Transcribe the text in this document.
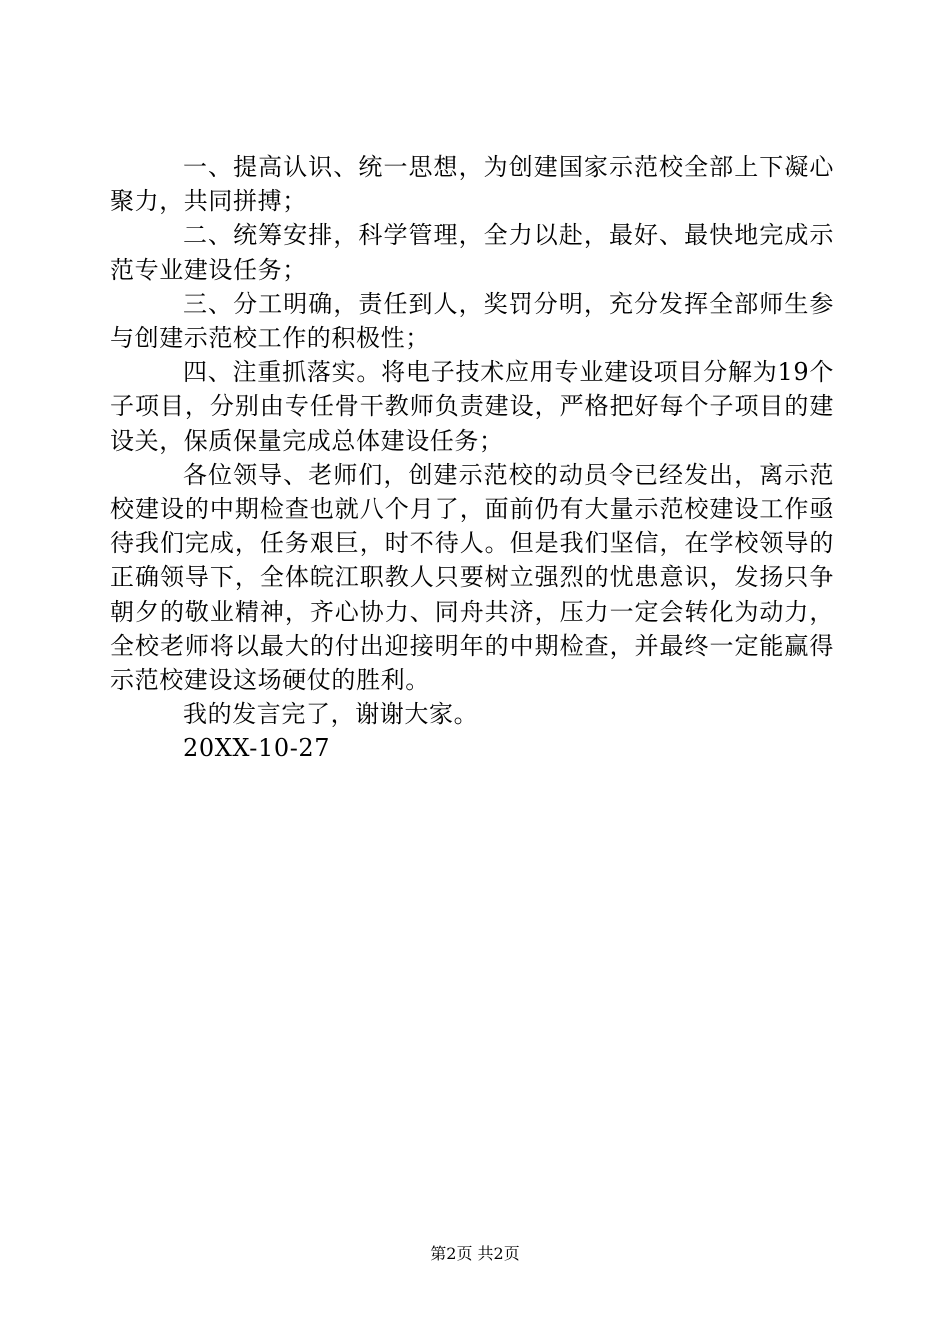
一、提高认识、统一思想，为创建国家示范校全部上下凝心聚力，共同拼搏；

二、统筹安排，科学管理，全力以赴，最好、最快地完成示范专业建设任务；

三、分工明确，责任到人，奖罚分明，充分发挥全部师生参与创建示范校工作的积极性；

四、注重抓落实。将电子技术应用专业建设项目分解为19个子项目，分别由专任骨干教师负责建设，严格把好每个子项目的建设关，保质保量完成总体建设任务；

各位领导、老师们，创建示范校的动员令已经发出，离示范校建设的中期检查也就八个月了，面前仍有大量示范校建设工作亟待我们完成，任务艰巨，时不待人。但是我们坚信，在学校领导的正确领导下，全体皖江职教人只要树立强烈的忧患意识，发扬只争朝夕的敬业精神，齐心协力、同舟共济，压力一定会转化为动力，全校老师将以最大的付出迎接明年的中期检查，并最终一定能赢得示范校建设这场硬仗的胜利。

我的发言完了，谢谢大家。

20XX-10-27

第2页 共2页
